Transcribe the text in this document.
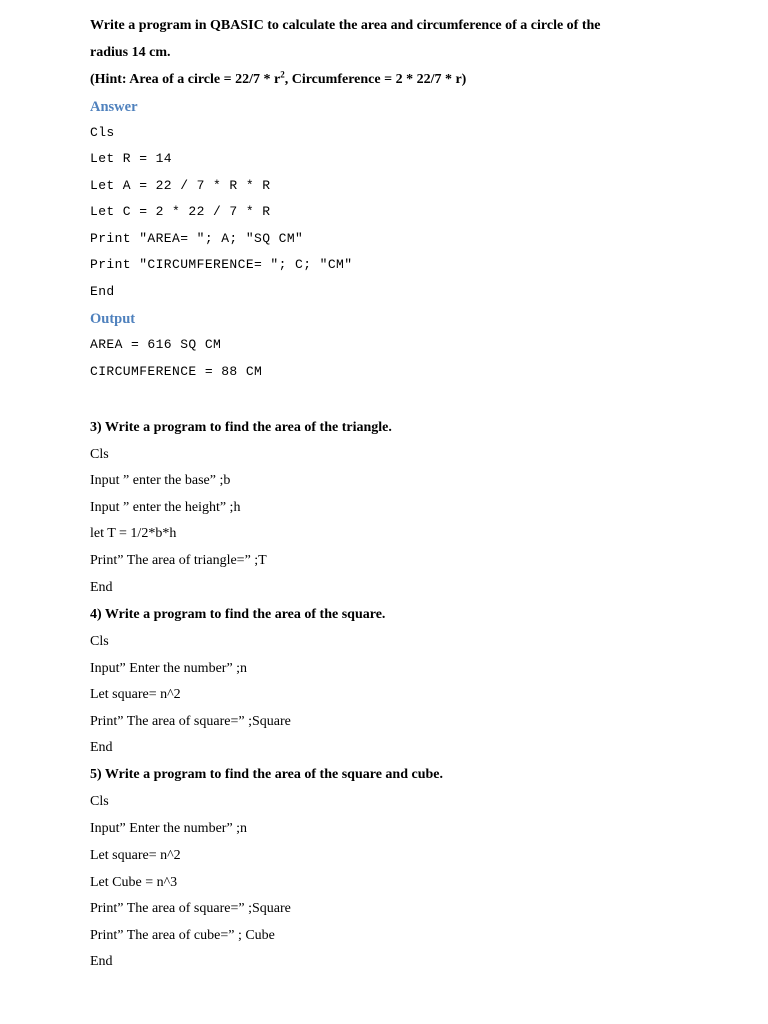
Write a program in QBASIC to calculate the area and circumference of a circle of the
radius 14 cm.
(Hint: Area of a circle = $22/7 * r^2$, Circumference = 2 * 22/7 * r)
Answer
Cls
Let R = 14
Let A = 22 / 7 * R * R
Let C = 2 * 22 / 7 * R
Print "AREA= "; A; "SQ CM"
Print "CIRCUMFERENCE= "; C; "CM"
End
Output
AREA = 616 SQ CM
CIRCUMFERENCE = 88 CM
3) Write a program to find the area of the triangle.
Cls
Input ” enter the base” ;b
Input ” enter the height” ;h
let T = 1/2*b*h
Print” The area of triangle=” ;T
End
4) Write a program to find the area of the square.
Cls
Input” Enter the number” ;n
Let square= n^2
Print” The area of square=” ;Square
End
5) Write a program to find the area of the square and cube.
Cls
Input” Enter the number” ;n
Let square= n^2
Let Cube = n^3
Print” The area of square=” ;Square
Print” The area of cube=” ; Cube
End
